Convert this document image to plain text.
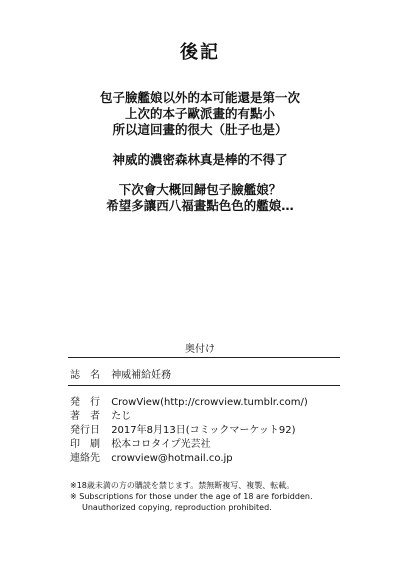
後記

包子臉艦娘以外的本可能還是第一次
上次的本子歐派畫的有點小
所以這回畫的很大（肚子也是）

神威的濃密森林真是棒的不得了

下次會大概回歸包子臉艦娘？
希望多讓西八福畫點色色的艦娘…

奥付け
誌　名 神威補給妊務
発　行 CrowView(http://crowview.tumblr.com/)
著　者 たじ
発行日 2017年8月13日(コミックマーケット92)
印　刷 松本コロタイプ光芸社
連絡先 crowview@hotmail.co.jp
※18歳未満の方の購読を禁じます。禁無断複写、複製、転載。
※ Subscriptions for those under the age of 18 are forbidden.
Unauthorized copying, reproduction prohibited.
